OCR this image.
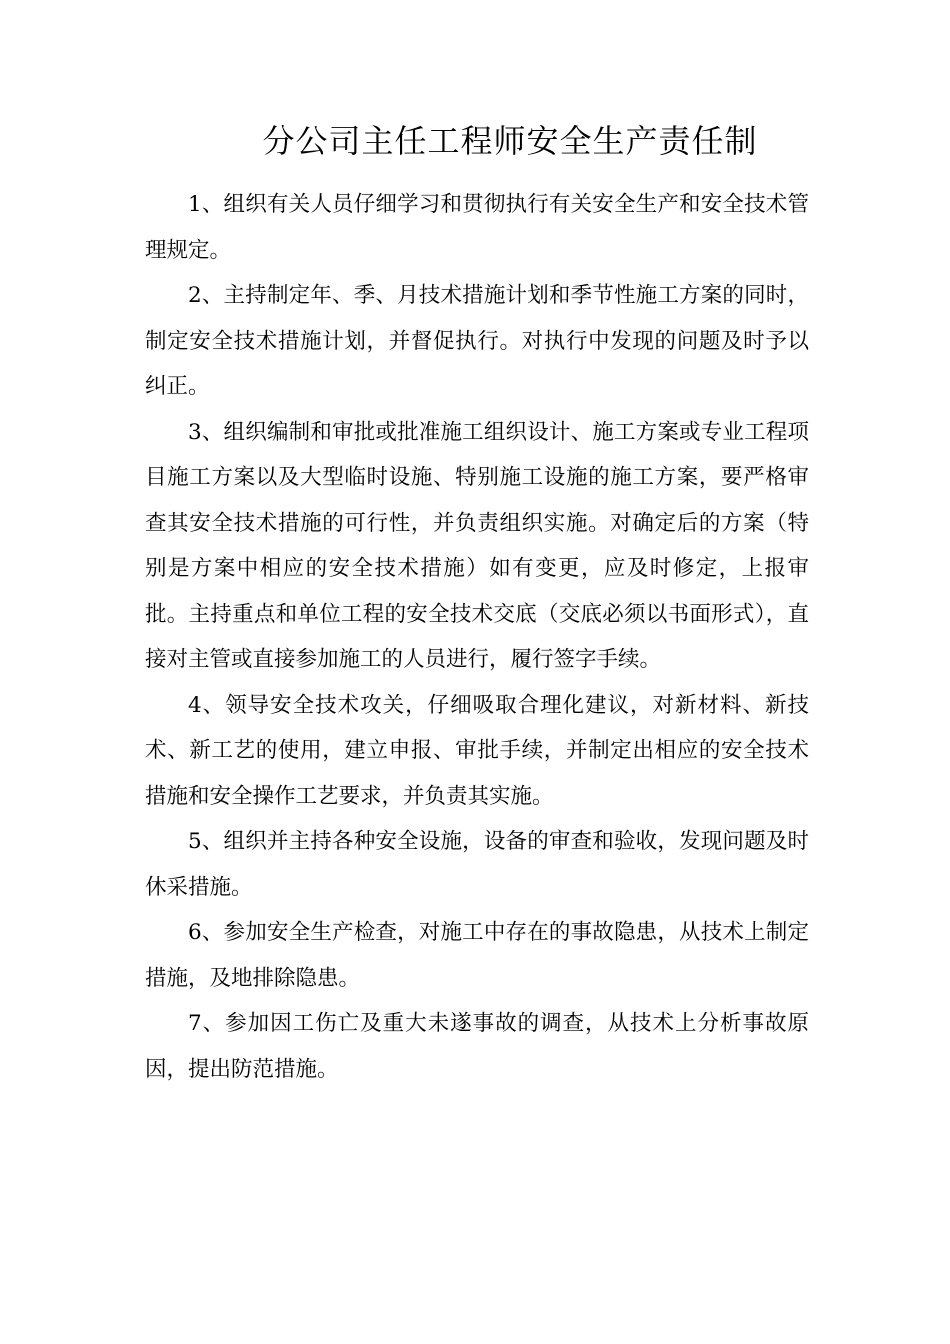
分公司主任工程师安全生产责任制

1、组织有关人员仔细学习和贯彻执行有关安全生产和安全技术管理规定。

2、主持制定年、季、月技术措施计划和季节性施工方案的同时，制定安全技术措施计划，并督促执行。对执行中发现的问题及时予以纠正。

3、组织编制和审批或批准施工组织设计、施工方案或专业工程项目施工方案以及大型临时设施、特别施工设施的施工方案，要严格审查其安全技术措施的可行性，并负责组织实施。对确定后的方案（特别是方案中相应的安全技术措施）如有变更，应及时修定，上报审批。主持重点和单位工程的安全技术交底（交底必须以书面形式），直接对主管或直接参加施工的人员进行，履行签字手续。

4、领导安全技术攻关，仔细吸取合理化建议，对新材料、新技术、新工艺的使用，建立申报、审批手续，并制定出相应的安全技术措施和安全操作工艺要求，并负责其实施。

5、组织并主持各种安全设施，设备的审查和验收，发现问题及时休采措施。

6、参加安全生产检查，对施工中存在的事故隐患，从技术上制定措施，及地排除隐患。

7、参加因工伤亡及重大未遂事故的调查，从技术上分析事故原因，提出防范措施。
